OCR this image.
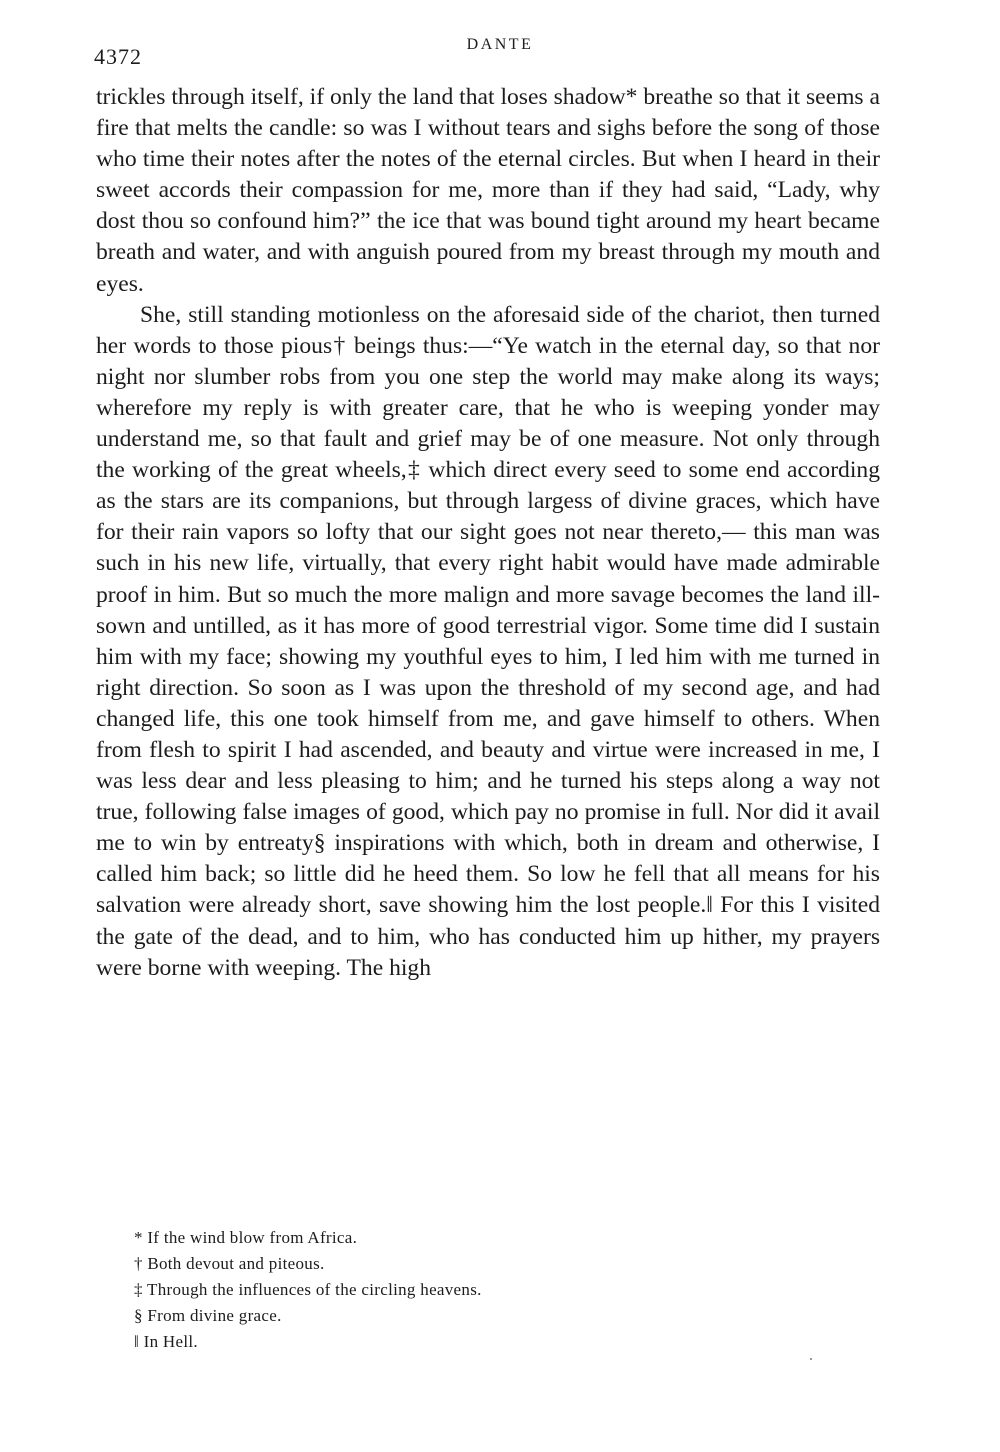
4372	DANTE

trickles through itself, if only the land that loses shadow* breathe so that it seems a fire that melts the candle: so was I without tears and sighs before the song of those who time their notes after the notes of the eternal circles. But when I heard in their sweet accords their compassion for me, more than if they had said, “Lady, why dost thou so confound him?” the ice that was bound tight around my heart became breath and water, and with anguish poured from my breast through my mouth and eyes.

She, still standing motionless on the aforesaid side of the chariot, then turned her words to those pious† beings thus:—“Ye watch in the eternal day, so that nor night nor slumber robs from you one step the world may make along its ways; wherefore my reply is with greater care, that he who is weeping yonder may understand me, so that fault and grief may be of one measure. Not only through the working of the great wheels,‡ which direct every seed to some end according as the stars are its companions, but through largess of divine graces, which have for their rain vapors so lofty that our sight goes not near thereto,— this man was such in his new life, virtually, that every right habit would have made admirable proof in him. But so much the more malign and more savage becomes the land ill-sown and untilled, as it has more of good terrestrial vigor. Some time did I sustain him with my face; showing my youthful eyes to him, I led him with me turned in right direction. So soon as I was upon the threshold of my second age, and had changed life, this one took himself from me, and gave himself to others. When from flesh to spirit I had ascended, and beauty and virtue were increased in me, I was less dear and less pleasing to him; and he turned his steps along a way not true, following false images of good, which pay no promise in full. Nor did it avail me to win by entreaty§ inspirations with which, both in dream and otherwise, I called him back; so little did he heed them. So low he fell that all means for his salvation were already short, save showing him the lost people.‖ For this I visited the gate of the dead, and to him, who has conducted him up hither, my prayers were borne with weeping. The high

* If the wind blow from Africa.
† Both devout and piteous.
‡ Through the influences of the circling heavens.
§ From divine grace.
‖ In Hell.
